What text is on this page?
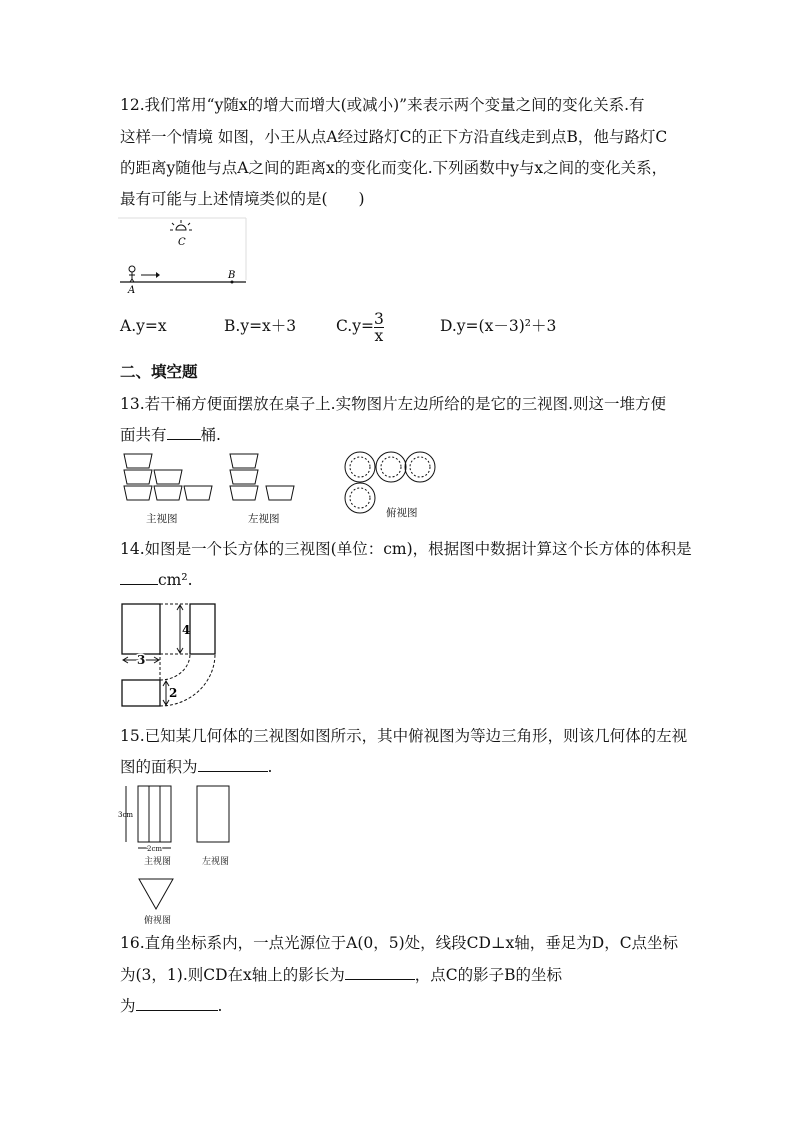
12.我们常用“y随x的增大而增大(或减小)”来表示两个变量之间的变化关系.有
这样一个情境 如图，小王从点A经过路灯C的正下方沿直线走到点B，他与路灯C
的距离y随他与点A之间的距离x的变化而变化.下列函数中y与x之间的变化关系，
最有可能与上述情境类似的是(　　)
C
A
B
A.y=x	B.y=x＋3	$C.y= \frac{3}{x}$	D.y=(x－3)²＋3
二、填空题
13.若干桶方便面摆放在桌子上.实物图片左边所给的是它的三视图.则这一堆方便
面共有 桶.
主视图	左视图	俯视图
14.如图是一个长方体的三视图(单位：cm)，根据图中数据计算这个长方体的体积是
cm².
4
3
2
15.已知某几何体的三视图如图所示，其中俯视图为等边三角形，则该几何体的左视
图的面积为	.
3cm
2cm
主视图	左视图
俯视图
16.直角坐标系内，一点光源位于A(0，5)处，线段CD⊥x轴，垂足为D，C点坐标
为(3，1).则CD在x轴上的影长为	，点C的影子B的坐标
为	.
